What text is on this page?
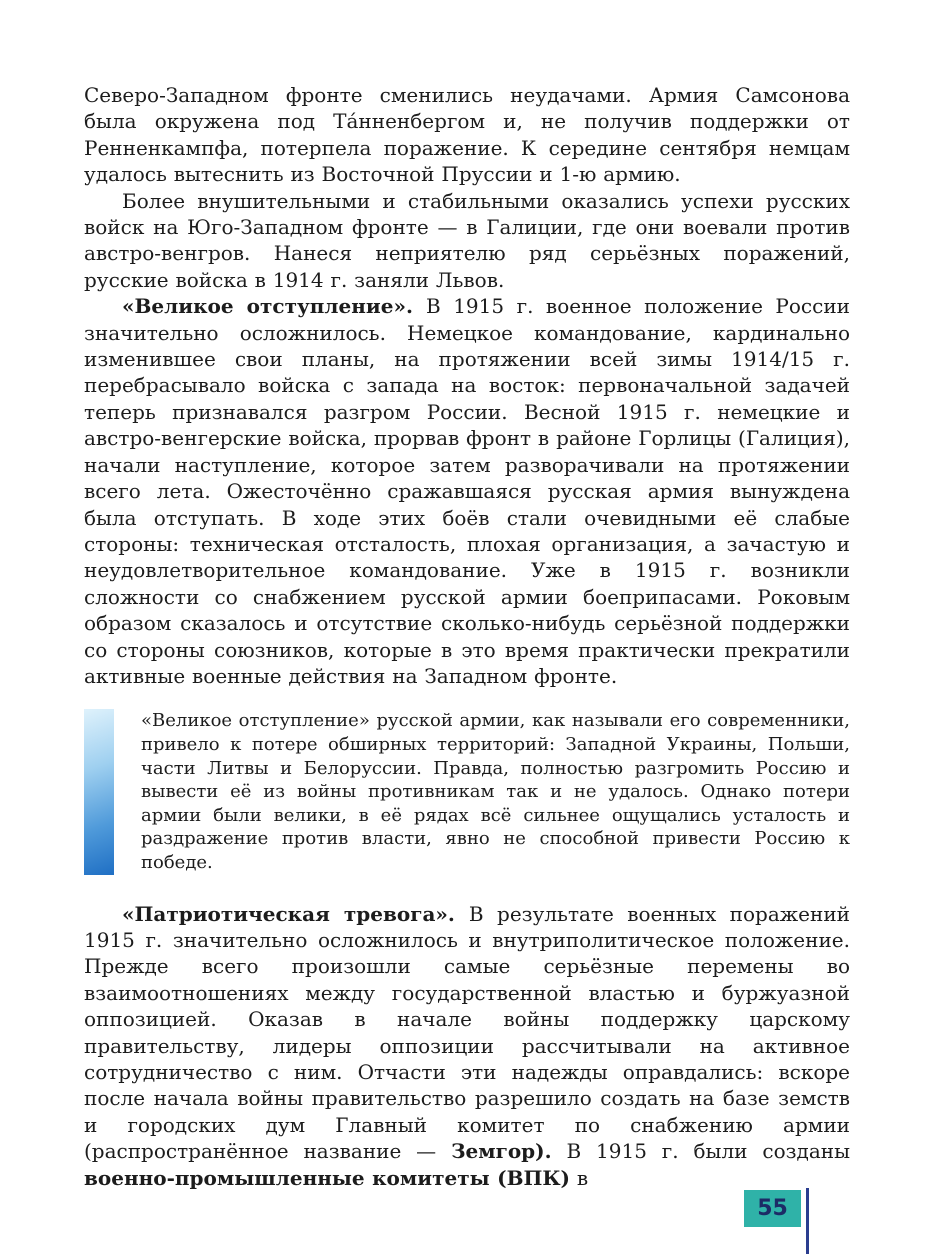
Северо-Западном фронте сменились неудачами. Армия Самсонова была окружена под Та́нненбергом и, не получив поддержки от Ренненкампфа, потерпела поражение. К середине сентября немцам удалось вытеснить из Восточной Пруссии и 1-ю армию.

Более внушительными и стабильными оказались успехи русских войск на Юго-Западном фронте — в Галиции, где они воевали против австро-венгров. Нанеся неприятелю ряд серьёзных поражений, русские войска в 1914 г. заняли Львов.

«Великое отступление». В 1915 г. военное положение России значительно осложнилось. Немецкое командование, кардинально изменившее свои планы, на протяжении всей зимы 1914/15 г. перебрасывало войска с запада на восток: первоначальной задачей теперь признавался разгром России. Весной 1915 г. немецкие и австро-венгерские войска, прорвав фронт в районе Горлицы (Галиция), начали наступление, которое затем разворачивали на протяжении всего лета. Ожесточённо сражавшаяся русская армия вынуждена была отступать. В ходе этих боёв стали очевидными её слабые стороны: техническая отсталость, плохая организация, а зачастую и неудовлетворительное командование. Уже в 1915 г. возникли сложности со снабжением русской армии боеприпасами. Роковым образом сказалось и отсутствие сколько-нибудь серьёзной поддержки со стороны союзников, которые в это время практически прекратили активные военные действия на Западном фронте.

«Великое отступление» русской армии, как называли его современники, привело к потере обширных территорий: Западной Украины, Польши, части Литвы и Белоруссии. Правда, полностью разгромить Россию и вывести её из войны противникам так и не удалось. Однако потери армии были велики, в её рядах всё сильнее ощущались усталость и раздражение против власти, явно не способной привести Россию к победе.

«Патриотическая тревога». В результате военных поражений 1915 г. значительно осложнилось и внутриполитическое положение. Прежде всего произошли самые серьёзные перемены во взаимоотношениях между государственной властью и буржуазной оппозицией. Оказав в начале войны поддержку царскому правительству, лидеры оппозиции рассчитывали на активное сотрудничество с ним. Отчасти эти надежды оправдались: вскоре после начала войны правительство разрешило создать на базе земств и городских дум Главный комитет по снабжению армии (распространённое название — Земгор). В 1915 г. были созданы военно-промышленные комитеты (ВПК) в

55
